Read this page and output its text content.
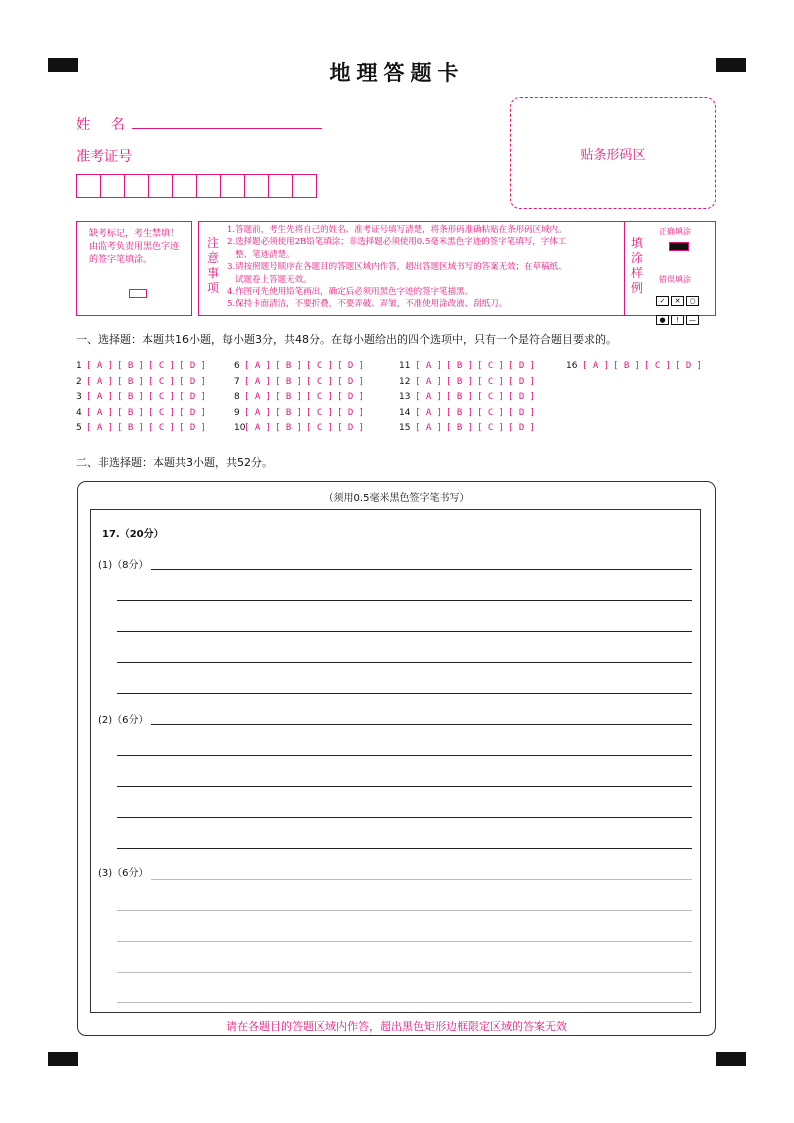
地理答题卡
姓  名
准考证号	贴条形码区
缺考标记，考生禁填！
由监考负责用黑色字迹
的签字笔填涂。
注
意
事
项
1.答题前，考生先将自己的姓名、准考证号填写清楚，将条形码准确粘贴在条形码区域内。
2.选择题必须使用2B铅笔填涂；非选择题必须使用0.5毫米黑色字迹的签字笔填写，字体工
整、笔迹清楚。
3.请按照题号顺序在各题目的答题区域内作答，超出答题区域书写的答案无效；在草稿纸、
试题卷上答题无效。
4.作图可先使用铅笔画出，确定后必须用黑色字迹的签字笔描黑。
5.保持卡面清洁，不要折叠，不要弄破、弄皱，不准使用涂改液、刮纸刀。
填
涂
样
例
正确填涂
错误填涂
✓ ✕ ○
● ! —
一、选择题：本题共16小题，每小题3分，共48分。在每小题给出的四个选项中，只有一个是符合题目要求的。
1 [ A ] [ B ] [ C ] [ D ]
2 [ A ] [ B ] [ C ] [ D ]
3 [ A ] [ B ] [ C ] [ D ]
4 [ A ] [ B ] [ C ] [ D ]
5 [ A ] [ B ] [ C ] [ D ]
6 [ A ] [ B ] [ C ] [ D ]
7 [ A ] [ B ] [ C ] [ D ]
8 [ A ] [ B ] [ C ] [ D ]
9 [ A ] [ B ] [ C ] [ D ]
10[ A ] [ B ] [ C ] [ D ]
11 [ A ] [ B ] [ C ] [ D ]
12 [ A ] [ B ] [ C ] [ D ]
13 [ A ] [ B ] [ C ] [ D ]
14 [ A ] [ B ] [ C ] [ D ]
15 [ A ] [ B ] [ C ] [ D ]
16 [ A ] [ B ] [ C ] [ D ]
二、非选择题：本题共3小题，共52分。
（须用0.5毫米黑色签字笔书写）
17.（20分）
(1)（8分）
(2)（6分）
(3)（6分）
请在各题目的答题区域内作答，超出黑色矩形边框限定区域的答案无效
